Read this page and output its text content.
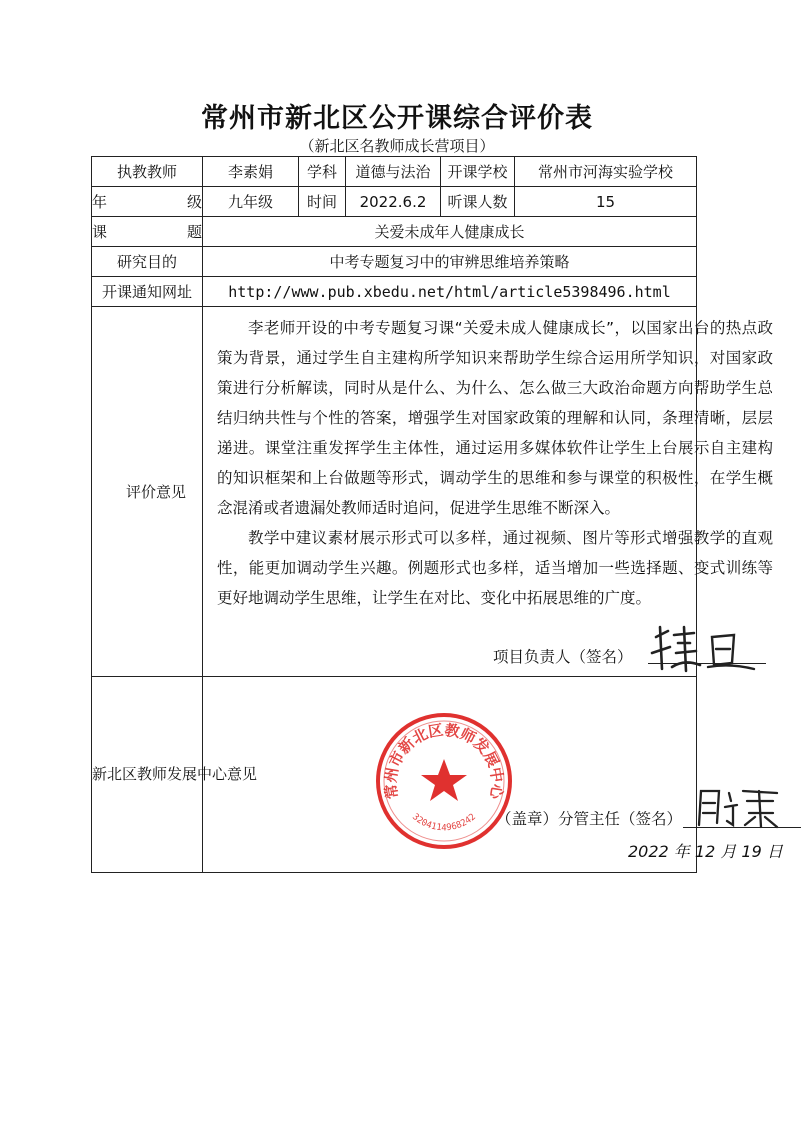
常州市新北区公开课综合评价表
（新北区名教师成长营项目）
执教教师	李素娟	学科	道德与法治	开课学校	常州市河海实验学校
年 级	九年级	时间	2022.6.2	听课人数	15
课 题	关爱未成年人健康成长				
研究目的	中考专题复习中的审辨思维培养策略				
开课通知网址	http://www.pub.xbedu.net/html/article5398496.html				
评价意见	李老师开设的中考专题复习课“关爱未成人健康成长”，以国家出台的热点政策为背景，通过学生自主建构所学知识来帮助学生综合运用所学知识，对国家政策进行分析解读，同时从是什么、为什么、怎么做三大政治命题方向帮助学生总结归纳共性与个性的答案，增强学生对国家政策的理解和认同，条理清晰，层层递进。课堂注重发挥学生主体性，通过运用多媒体软件让学生上台展示自主建构的知识框架和上台做题等形式，调动学生的思维和参与课堂的积极性，在学生概念混淆或者遗漏处教师适时追问，促进学生思维不断深入。

教学中建议素材展示形式可以多样，通过视频、图片等形式增强教学的直观性，能更加调动学生兴趣。例题形式也多样，适当增加一些选择题、变式训练等更好地调动学生思维，让学生在对比、变化中拓展思维的广度。

项目负责人（签名）				

新北区教师发展中心意见	常州市新北区教师发展中心
3204114968242 （盖章） 分管主任（签名）
2022 年 12 月 19 日				
